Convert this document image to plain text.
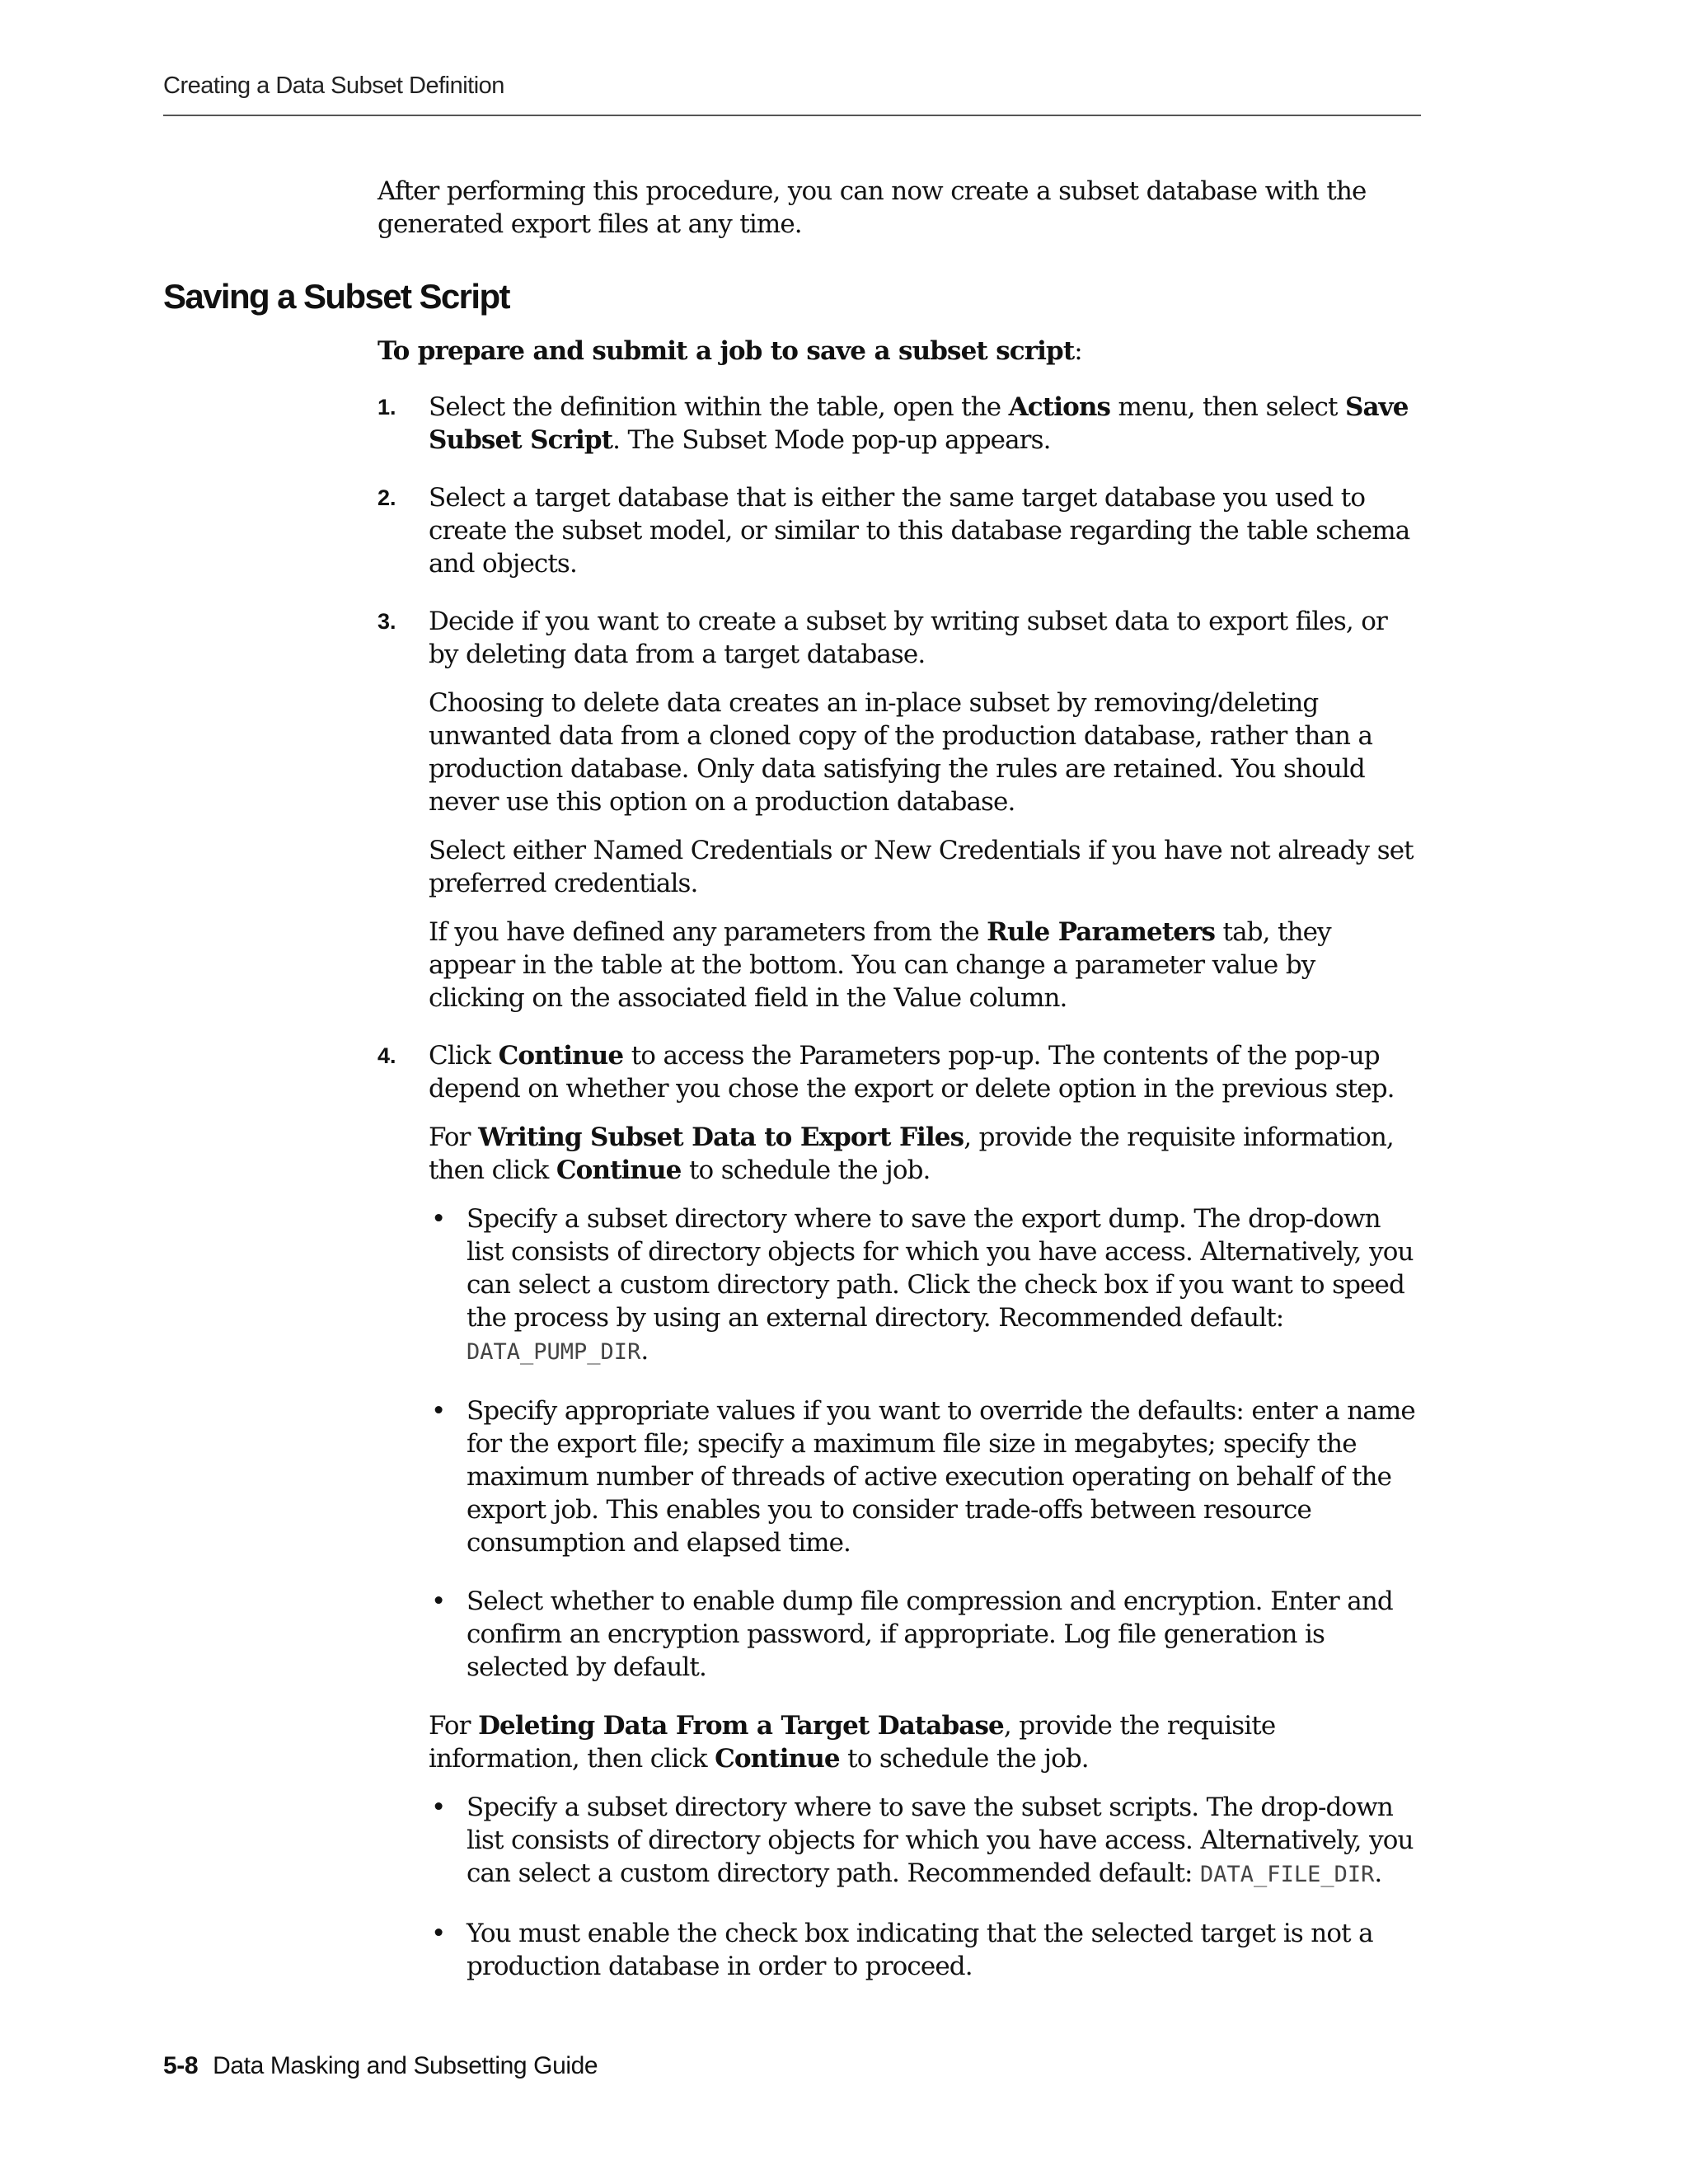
Creating a Data Subset Definition

After performing this procedure, you can now create a subset database with the generated export files at any time.

Saving a Subset Script

To prepare and submit a job to save a subset script:

1. Select the definition within the table, open the Actions menu, then select Save Subset Script. The Subset Mode pop-up appears.

2. Select a target database that is either the same target database you used to create the subset model, or similar to this database regarding the table schema and objects.

3. Decide if you want to create a subset by writing subset data to export files, or by deleting data from a target database.

Choosing to delete data creates an in-place subset by removing/deleting unwanted data from a cloned copy of the production database, rather than a production database. Only data satisfying the rules are retained. You should never use this option on a production database.

Select either Named Credentials or New Credentials if you have not already set preferred credentials.

If you have defined any parameters from the Rule Parameters tab, they appear in the table at the bottom. You can change a parameter value by clicking on the associated field in the Value column.

4. Click Continue to access the Parameters pop-up. The contents of the pop-up depend on whether you chose the export or delete option in the previous step.

For Writing Subset Data to Export Files, provide the requisite information, then click Continue to schedule the job.

• Specify a subset directory where to save the export dump. The drop-down list consists of directory objects for which you have access. Alternatively, you can select a custom directory path. Click the check box if you want to speed the process by using an external directory. Recommended default: DATA_PUMP_DIR.
• Specify appropriate values if you want to override the defaults: enter a name for the export file; specify a maximum file size in megabytes; specify the maximum number of threads of active execution operating on behalf of the export job. This enables you to consider trade-offs between resource consumption and elapsed time.
• Select whether to enable dump file compression and encryption. Enter and confirm an encryption password, if appropriate. Log file generation is selected by default.

For Deleting Data From a Target Database, provide the requisite information, then click Continue to schedule the job.

• Specify a subset directory where to save the subset scripts. The drop-down list consists of directory objects for which you have access. Alternatively, you can select a custom directory path. Recommended default: DATA_FILE_DIR.
• You must enable the check box indicating that the selected target is not a production database in order to proceed.
5-8 Data Masking and Subsetting Guide
